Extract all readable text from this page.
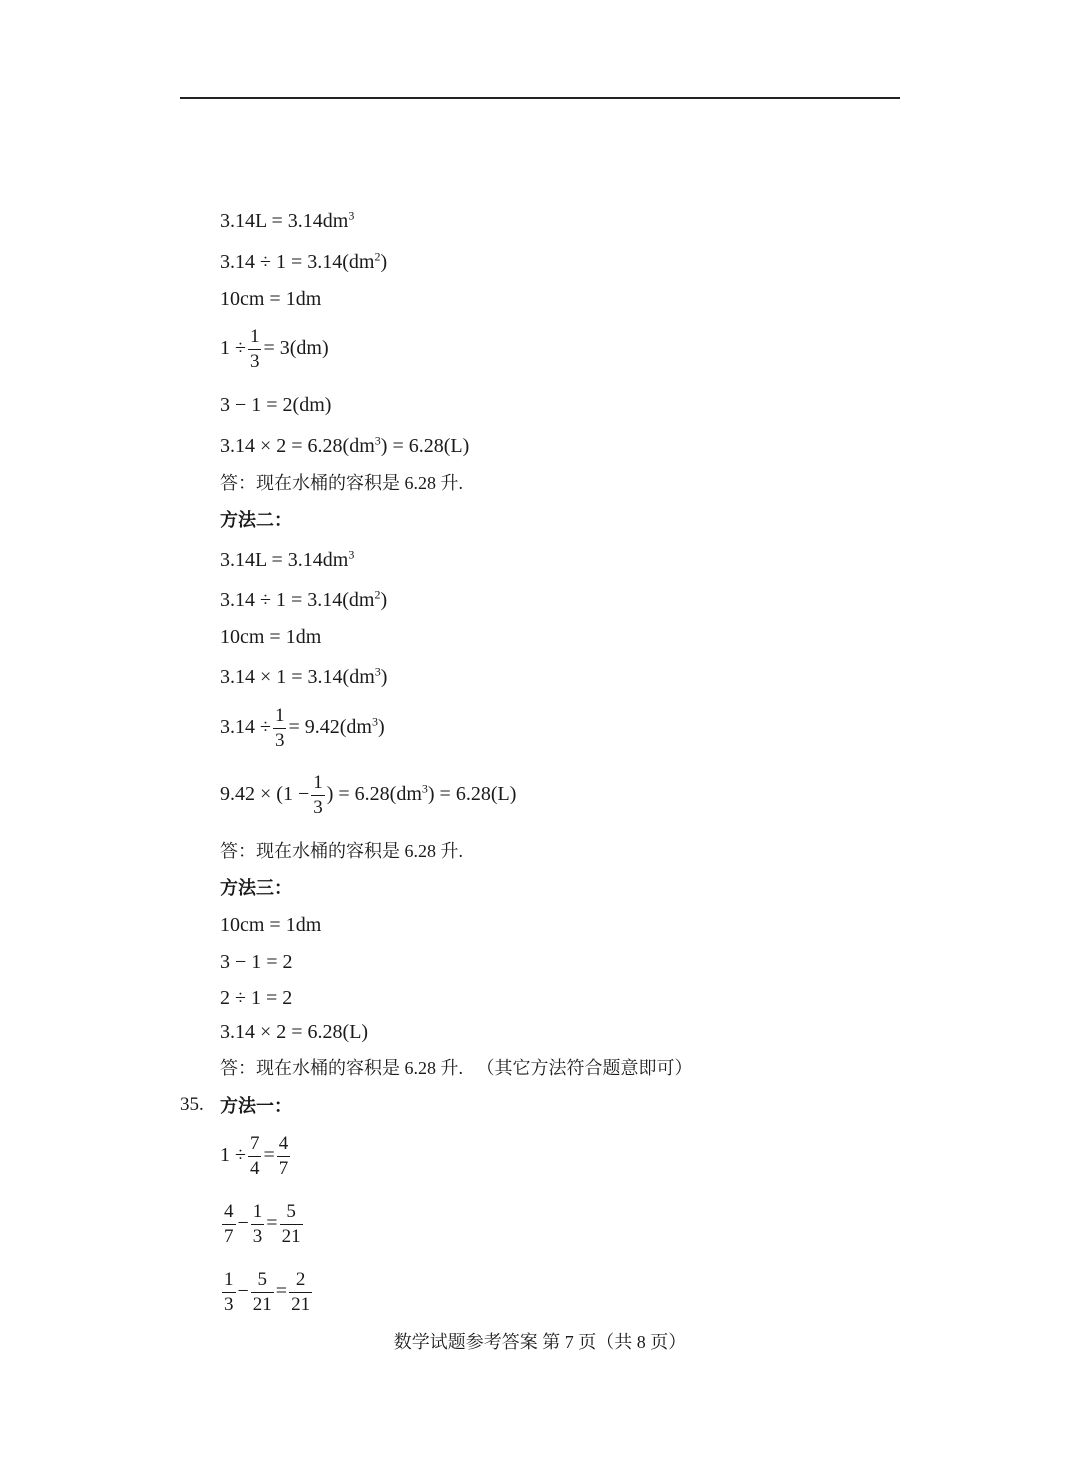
$3.14L = 3.14dm^3$
$3.14 \div 1 = 3.14(dm^2)$
10cm = 1dm
$1 \div \frac{1}{3} = 3(dm)$
3 − 1 = 2(dm)
$3.14 \times 2 = 6.28(dm^3) = 6.28(L)$
答：现在水桶的容积是 6.28 升.
方法二：
$3.14L = 3.14dm^3$
$3.14 \div 1 = 3.14(dm^2)$
10cm = 1dm
$3.14 \times 1 = 3.14(dm^3)$
$3.14 \div \frac{1}{3} = 9.42(dm^3)$
$9.42 \times (1 - \frac{1}{3}$ ) = $6.28(dm^3) = 6.28(L)$
答：现在水桶的容积是 6.28 升.
方法三：
10cm = 1dm
3 − 1 = 2
2 ÷ 1 = 2
3.14 × 2 = 6.28(L)
答：现在水桶的容积是 6.28 升. （其它方法符合题意即可）
35. 方法一：
$1 \div \frac{7}{4} = \frac{4}{7}$
$\frac{4}{7} - \frac{1}{3} = \frac{5}{21}$
$\frac{1}{3} - \frac{5}{21} = \frac{2}{21}$
数学试题参考答案 第 7 页（共 8 页）
